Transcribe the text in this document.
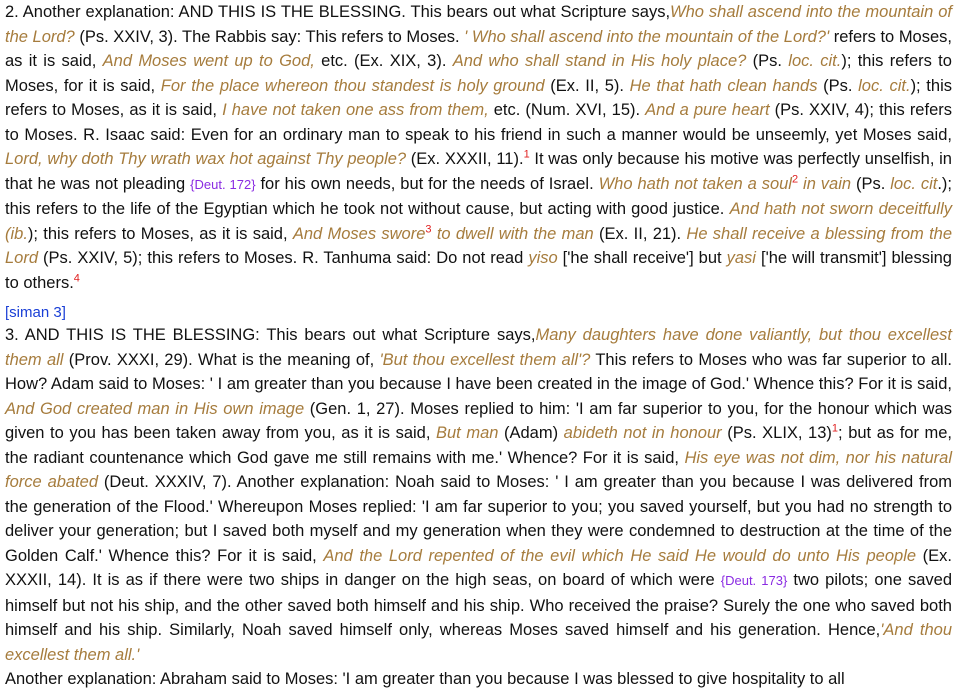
2. Another explanation: AND THIS IS THE BLESSING. This bears out what Scripture says,Who shall ascend into the mountain of the Lord? (Ps. XXIV, 3). The Rabbis say: This refers to Moses. ' Who shall ascend into the mountain of the Lord?' refers to Moses, as it is said, And Moses went up to God, etc. (Ex. XIX, 3). And who shall stand in His holy place? (Ps. loc. cit.); this refers to Moses, for it is said, For the place whereon thou standest is holy ground (Ex. II, 5). He that hath clean hands (Ps. loc. cit.); this refers to Moses, as it is said, I have not taken one ass from them, etc. (Num. XVI, 15). And a pure heart (Ps. XXIV, 4); this refers to Moses. R. Isaac said: Even for an ordinary man to speak to his friend in such a manner would be unseemly, yet Moses said, Lord, why doth Thy wrath wax hot against Thy people? (Ex. XXXII, 11).$^1$ It was only because his motive was perfectly unselfish, in that he was not pleading {Deut. 172} for his own needs, but for the needs of Israel. Who hath not taken a soul$^2$ in vain (Ps. loc. cit.); this refers to the life of the Egyptian which he took not without cause, but acting with good justice. And hath not sworn deceitfully (ib.); this refers to Moses, as it is said, And Moses swore$^3$ to dwell with the man (Ex. II, 21). He shall receive a blessing from the Lord (Ps. XXIV, 5); this refers to Moses. R. Tanhuma said: Do not read yiso ['he shall receive'] but yasi ['he will transmit'] blessing to others.$^4$

[siman 3]

3. AND THIS IS THE BLESSING: This bears out what Scripture says,Many daughters have done valiantly, but thou excellest them all (Prov. XXXI, 29). What is the meaning of, 'But thou excellest them all'? This refers to Moses who was far superior to all. How? Adam said to Moses: ' I am greater than you because I have been created in the image of God.' Whence this? For it is said, And God created man in His own image (Gen. 1, 27). Moses replied to him: 'I am far superior to you, for the honour which was given to you has been taken away from you, as it is said, But man (Adam) abideth not in honour (Ps. XLIX, 13)$^1$; but as for me, the radiant countenance which God gave me still remains with me.' Whence? For it is said, His eye was not dim, nor his natural force abated (Deut. XXXIV, 7). Another explanation: Noah said to Moses: ' I am greater than you because I was delivered from the generation of the Flood.' Whereupon Moses replied: 'I am far superior to you; you saved yourself, but you had no strength to deliver your generation; but I saved both myself and my generation when they were condemned to destruction at the time of the Golden Calf.' Whence this? For it is said, And the Lord repented of the evil which He said He would do unto His people (Ex. XXXII, 14). It is as if there were two ships in danger on the high seas, on board of which were {Deut. 173} two pilots; one saved himself but not his ship, and the other saved both himself and his ship. Who received the praise? Surely the one who saved both himself and his ship. Similarly, Noah saved himself only, whereas Moses saved himself and his generation. Hence,'And thou excellest them all.'

Another explanation: Abraham said to Moses: 'I am greater than you because I was blessed to give hospitality to all
